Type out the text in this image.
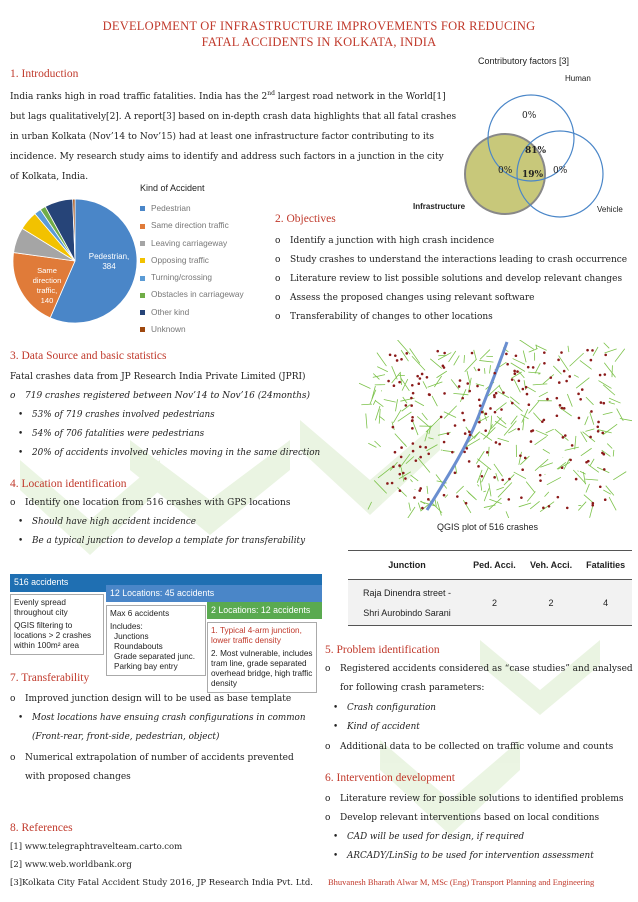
DEVELOPMENT OF INFRASTRUCTURE IMPROVEMENTS FOR REDUCING
FATAL ACCIDENTS IN KOLKATA, INDIA
1. Introduction
India ranks high in road traffic fatalities. India has the 2nd largest road network in the World[1]
but lags qualitatively[2]. A report[3] based on in-depth crash data highlights that all fatal crashes
in urban Kolkata (Nov’14 to Nov’15) had at least one infrastructure factor contributing to its
incidence. My research study aims to identify and address such factors in a junction in the city
of Kolkata, India.
Contributory factors [3]
Human
Vehicle
Infrastructure
0%
81%
0% 19% 0%
Kind of Accident
Pedestrian,
384
Same
direction
traffic,
140
Pedestrian
Same direction traffic
Leaving carriageway
Opposing traffic
Turning/crossing
Obstacles in carriageway
Other kind
Unknown
2. Objectives
o Identify a junction with high crash incidence
o Study crashes to understand the interactions leading to crash occurrence
o Literature review to list possible solutions and develop relevant changes
o Assess the proposed changes using relevant software
o Transferability of changes to other locations
3. Data Source and basic statistics
Fatal crashes data from JP Research India Private Limited (JPRI)
o 719 crashes registered between Nov’14 to Nov’16 (24months)
• 53% of 719 crashes involved pedestrians
• 54% of 706 fatalities were pedestrians
• 20% of accidents involved vehicles moving in the same direction
QGIS plot of 516 crashes
4. Location identification
o Identify one location from 516 crashes with GPS locations
• Should have high accident incidence
• Be a typical junction to develop a template for transferability
Junction	Ped. Acci.	Veh. Acci.	Fatalities

Raja Dinendra street -
Shri Aurobindo Sarani	2	2	4
516 accidents
Evenly spread throughout city
QGIS filtering to locations > 2 crashes within 100m² area
12 Locations: 45 accidents
Max 6 accidents
Includes:
Junctions
Roundabouts
Grade separated junc.
Parking bay entry
2 Locations: 12 accidents
1. Typical 4-arm junction, lower traffic density
2. Most vulnerable, includes tram line, grade separated overhead bridge, high traffic density
5. Problem identification
o Registered accidents considered as “case studies” and analysed
for following crash parameters:
• Crash configuration
• Kind of accident
o Additional data to be collected on traffic volume and counts
7. Transferability
o Improved junction design will to be used as base template
• Most locations have ensuing crash configurations in common
(Front-rear, front-side, pedestrian, object)
o Numerical extrapolation of number of accidents prevented
with proposed changes	6. Intervention development
o Literature review for possible solutions to identified problems
o Develop relevant interventions based on local conditions
• CAD will be used for design, if required
• ARCADY/LinSig to be used for intervention assessment
8. References
[1] www.telegraphtravelteam.carto.com
[2] www.web.worldbank.org
[3]Kolkata City Fatal Accident Study 2016, JP Research India Pvt. Ltd. Bhuvanesh Bharath Alwar M, MSc (Eng) Transport Planning and Engineering
